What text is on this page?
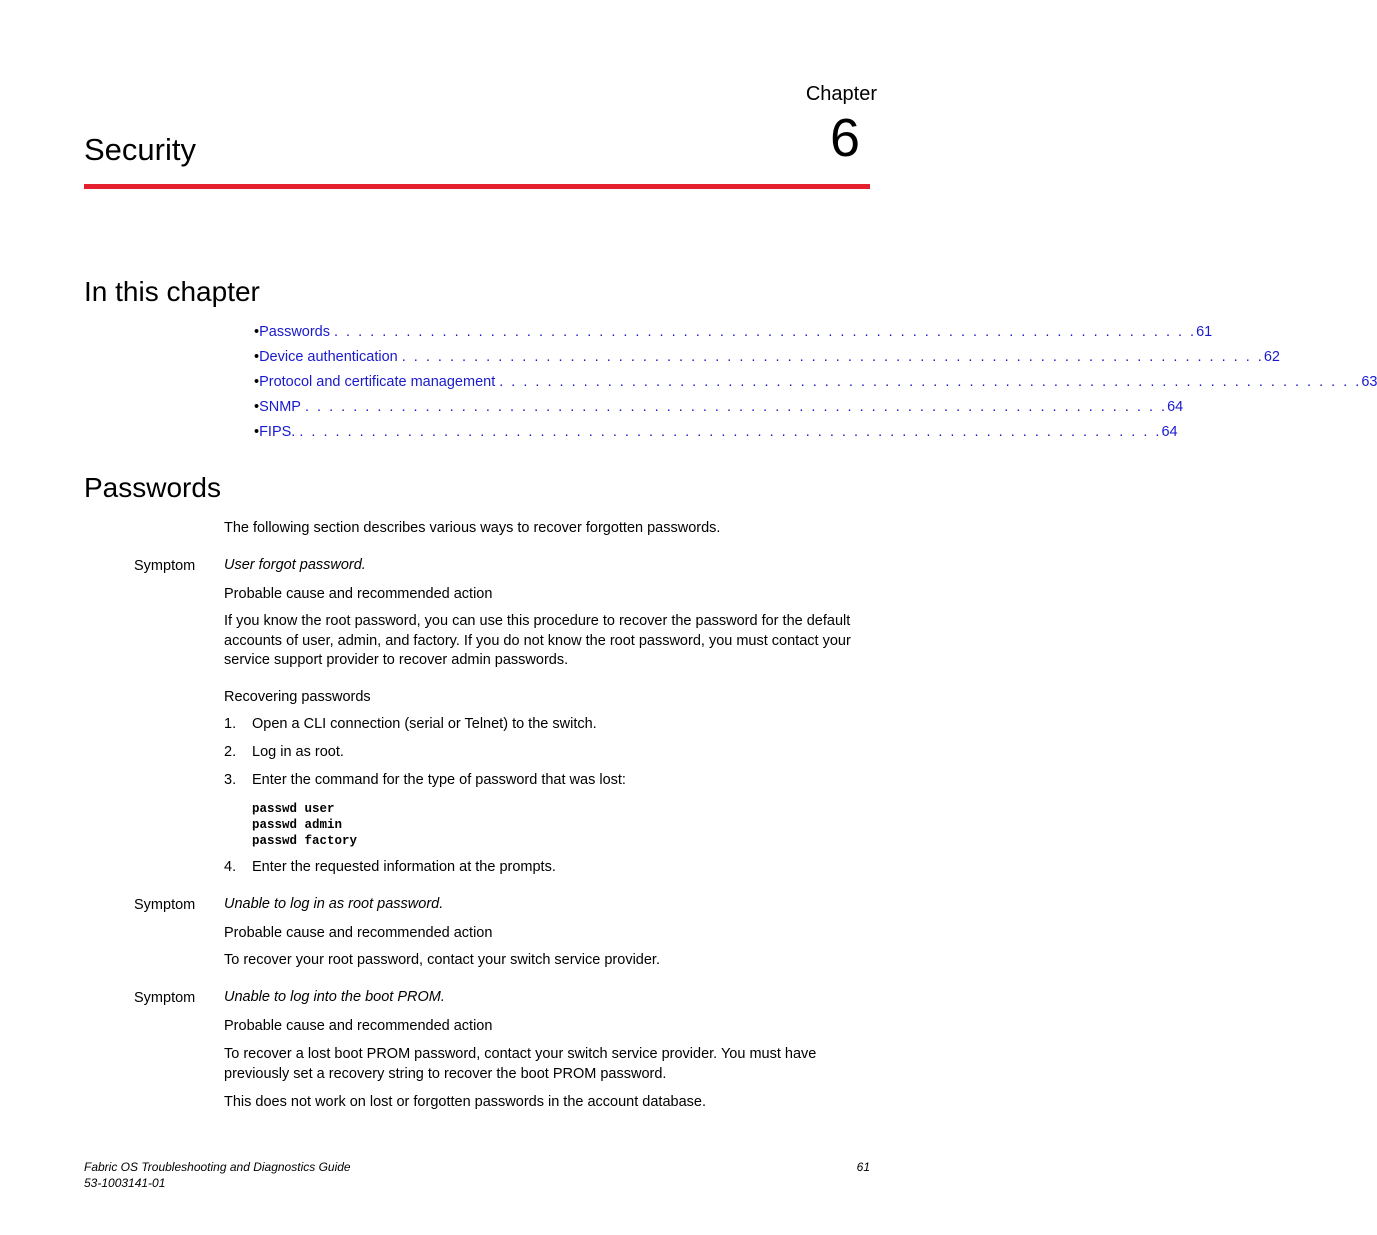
Chapter
6
Security
In this chapter
• Passwords . . . . . . . . . . . . . . . . . . . . . . . . . . . . . . . . . . . . . . . . . . . . . . . . . . . . . . . . . . . . . . . . . . . . . . . . 61
• Device authentication . . . . . . . . . . . . . . . . . . . . . . . . . . . . . . . . . . . . . . . . . . . . . . . . . . . . . . . . . . . . . . . . . . . . . . . . 62
• Protocol and certificate management . . . . . . . . . . . . . . . . . . . . . . . . . . . . . . . . . . . . . . . . . . . . . . . . . . . . . . . . . . . . . . . . . . . . . . . . 63
• SNMP . . . . . . . . . . . . . . . . . . . . . . . . . . . . . . . . . . . . . . . . . . . . . . . . . . . . . . . . . . . . . . . . . . . . . . . . 64
• FIPS. . . . . . . . . . . . . . . . . . . . . . . . . . . . . . . . . . . . . . . . . . . . . . . . . . . . . . . . . . . . . . . . . . . . . . . . . 64
Passwords
The following section describes various ways to recover forgotten passwords.
Symptom User forgot password.
Probable cause and recommended action
If you know the root password, you can use this procedure to recover the password for the default accounts of user, admin, and factory. If you do not know the root password, you must contact your service support provider to recover admin passwords.
Recovering passwords
1.	Open a CLI connection (serial or Telnet) to the switch.
2.	Log in as root.
3.	Enter the command for the type of password that was lost:
passwd user
passwd admin
passwd factory
4.	Enter the requested information at the prompts.
Symptom Unable to log in as root password.
Probable cause and recommended action
To recover your root password, contact your switch service provider.
Symptom Unable to log into the boot PROM.
Probable cause and recommended action
To recover a lost boot PROM password, contact your switch service provider. You must have previously set a recovery string to recover the boot PROM password.
This does not work on lost or forgotten passwords in the account database.
Fabric OS Troubleshooting and Diagnostics Guide
53-1003141-01
61
